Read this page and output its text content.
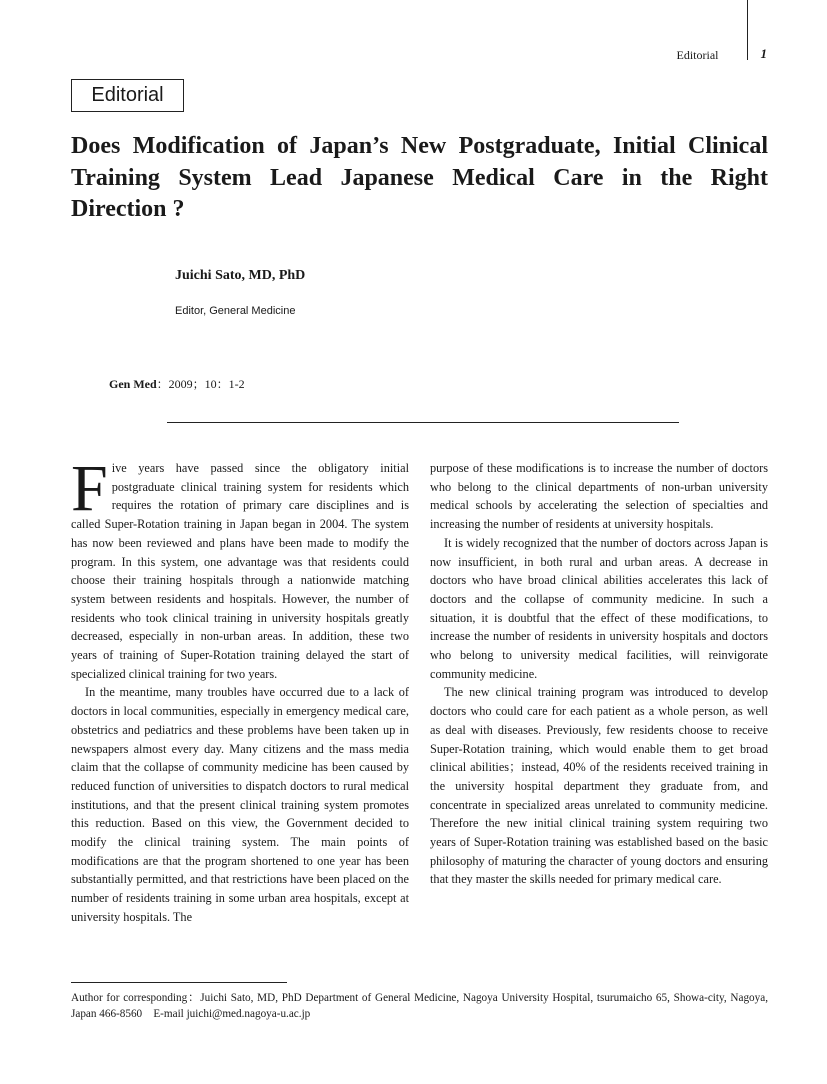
Editorial	1
Editorial
Does Modification of Japan’s New Postgraduate, Initial Clinical Training System Lead Japanese Medical Care in the Right Direction ?
Juichi Sato, MD, PhD
Editor, General Medicine
Gen Med：2009；10：1-2

Five years have passed since the obligatory initial postgraduate clinical training system for residents which requires the rotation of primary care disciplines and is called Super-Rotation training in Japan began in 2004. The system has now been reviewed and plans have been made to modify the program. In this system, one advantage was that residents could choose their training hospitals through a nationwide matching system between residents and hospitals. However, the number of residents who took clinical training in university hospitals greatly decreased, especially in non-urban areas. In addition, these two years of training of Super-Rotation training delayed the start of specialized clinical training for two years.

In the meantime, many troubles have occurred due to a lack of doctors in local communities, especially in emergency medical care, obstetrics and pediatrics and these problems have been taken up in newspapers almost every day. Many citizens and the mass media claim that the collapse of community medicine has been caused by reduced function of universities to dispatch doctors to rural medical institutions, and that the present clinical training system promotes this reduction. Based on this view, the Government decided to modify the clinical training system. The main points of modifications are that the program shortened to one year has been substantially permitted, and that restrictions have been placed on the number of residents training in some urban area hospitals, except at university hospitals. The

purpose of these modifications is to increase the number of doctors who belong to the clinical departments of non-urban university medical schools by accelerating the selection of specialties and increasing the number of residents at university hospitals.

It is widely recognized that the number of doctors across Japan is now insufficient, in both rural and urban areas. A decrease in doctors who have broad clinical abilities accelerates this lack of doctors and the collapse of community medicine. In such a situation, it is doubtful that the effect of these modifications, to increase the number of residents in university hospitals and doctors who belong to university medical facilities, will reinvigorate community medicine.

The new clinical training program was introduced to develop doctors who could care for each patient as a whole person, as well as deal with diseases. Previously, few residents choose to receive Super-Rotation training, which would enable them to get broad clinical abilities；instead, 40% of the residents received training in the university hospital department they graduate from, and concentrate in specialized areas unrelated to community medicine. Therefore the new initial clinical training system requiring two years of Super-Rotation training was established based on the basic philosophy of maturing the character of young doctors and ensuring that they master the skills needed for primary medical care.

Author for corresponding：Juichi Sato, MD, PhD Department of General Medicine, Nagoya University Hospital, tsurumaicho 65, Showa-city, Nagoya, Japan 466-8560　E-mail juichi@med.nagoya-u.ac.jp
